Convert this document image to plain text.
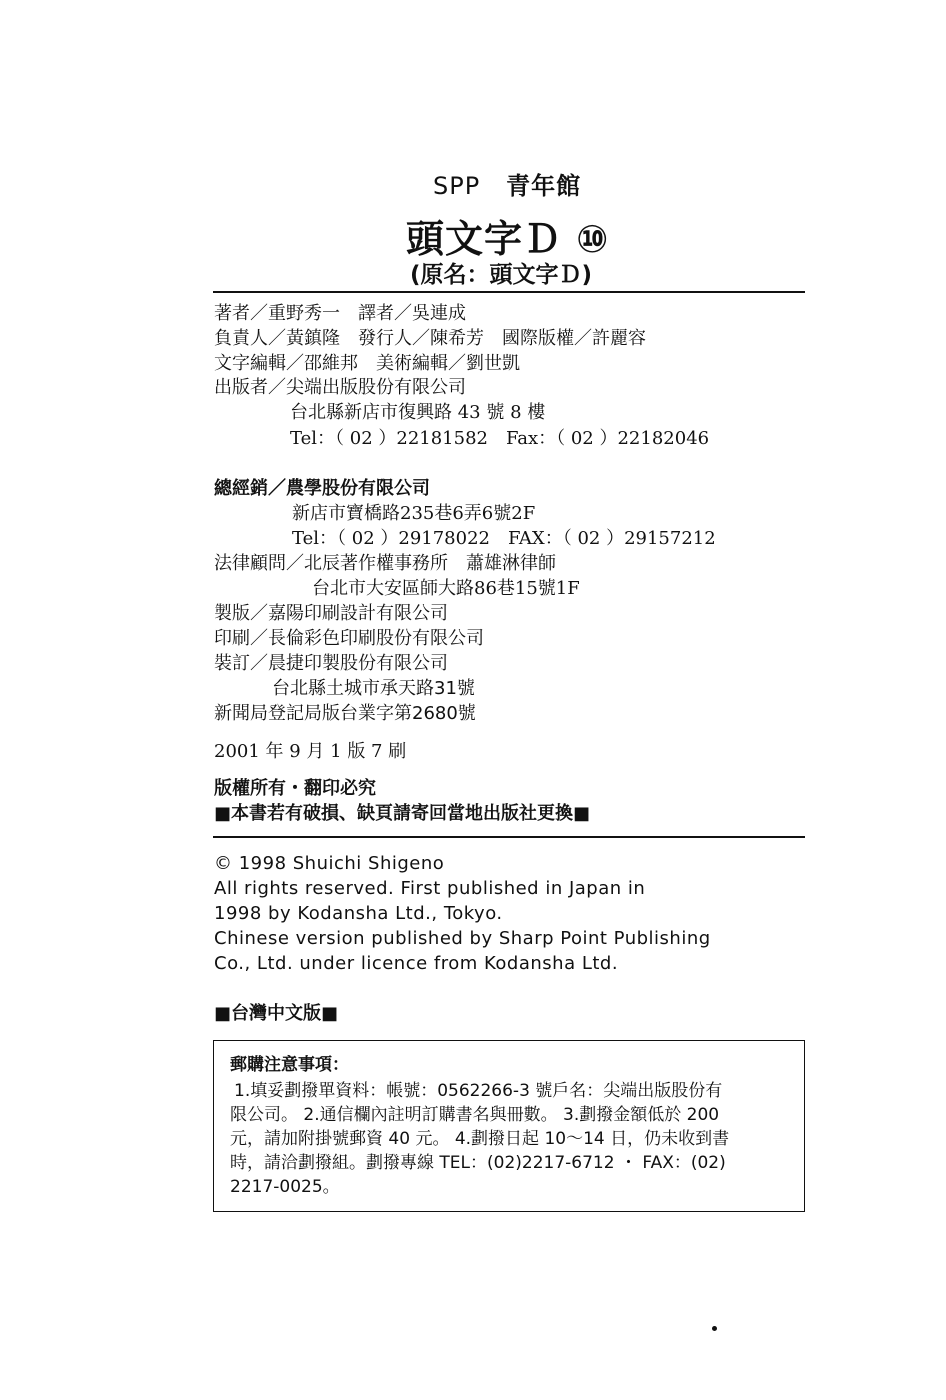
SPP 青年館
頭文字Ｄ ⑩
(原名：頭文字Ｄ)
著者／重野秀一　譯者／吳連成
負責人／黃鎮隆　發行人／陳希芳　國際版權／許麗容
文字編輯／邵維邦　美術編輯／劉世凱
出版者／尖端出版股份有限公司
台北縣新店市復興路 43 號 8 樓
Tel：（ 02 ）22181582　Fax：（ 02 ）22182046
總經銷／農學股份有限公司
新店市寶橋路235巷6弄6號2F
Tel：（ 02 ）29178022　FAX：（ 02 ）29157212
法律顧問／北辰著作權事務所　蕭雄淋律師
台北市大安區師大路86巷15號1F
製版／嘉陽印刷設計有限公司
印刷／長倫彩色印刷股份有限公司
裝訂／晨捷印製股份有限公司
台北縣土城市承天路31號
新聞局登記局版台業字第2680號
2001 年 9 月 1 版 7 刷
版權所有・翻印必究
■本書若有破損、缺頁請寄回當地出版社更換■
© 1998 Shuichi Shigeno
All rights reserved. First published in Japan in
1998 by Kodansha Ltd., Tokyo.
Chinese version published by Sharp Point Publishing
Co., Ltd. under licence from Kodansha Ltd.
■台灣中文版■
郵購注意事項：
1.填妥劃撥單資料：帳號：0562266-3 號戶名：尖端出版股份有
限公司。 2.通信欄內註明訂購書名與冊數。 3.劃撥金額低於 200
元，請加附掛號郵資 40 元。 4.劃撥日起 10～14 日，仍未收到書
時，請洽劃撥組。劃撥專線 TEL：(02)2217-6712 ・ FAX：(02)
2217-0025。
